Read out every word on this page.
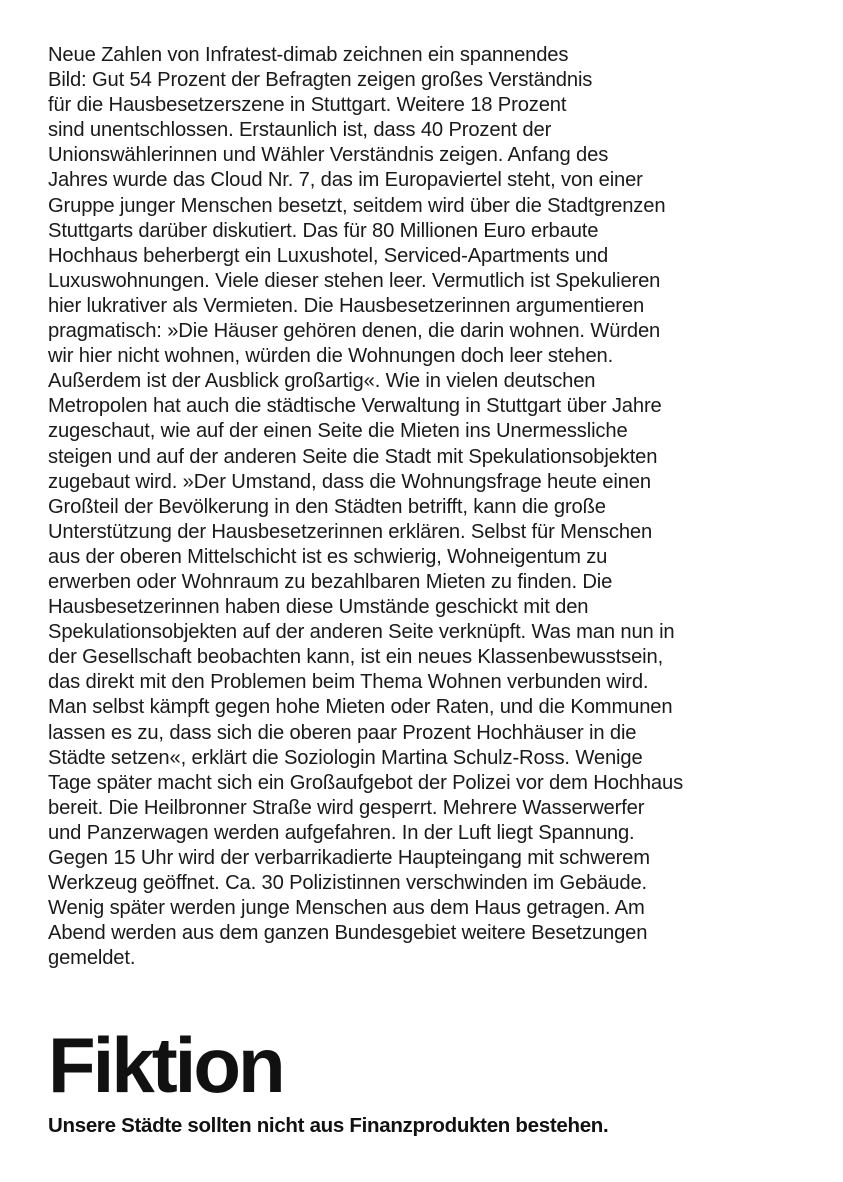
Neue Zahlen von Infratest-dimab zeichnen ein spannendes
Bild: Gut 54 Prozent der Befragten zeigen großes Verständnis
für die Hausbesetzerszene in Stuttgart. Weitere 18 Prozent
sind unentschlossen. Erstaunlich ist, dass 40 Prozent der
Unionswählerinnen und Wähler Verständnis zeigen. Anfang des
Jahres wurde das Cloud Nr. 7, das im Europaviertel steht, von einer
Gruppe junger Menschen besetzt, seitdem wird über die Stadtgrenzen
Stuttgarts darüber diskutiert. Das für 80 Millionen Euro erbaute
Hochhaus beherbergt ein Luxushotel, Serviced-Apartments und
Luxuswohnungen. Viele dieser stehen leer. Vermutlich ist Spekulieren
hier lukrativer als Vermieten. Die Hausbesetzerinnen argumentieren
pragmatisch: »Die Häuser gehören denen, die darin wohnen. Würden
wir hier nicht wohnen, würden die Wohnungen doch leer stehen.
Außerdem ist der Ausblick großartig«. Wie in vielen deutschen
Metropolen hat auch die städtische Verwaltung in Stuttgart über Jahre
zugeschaut, wie auf der einen Seite die Mieten ins Unermessliche
steigen und auf der anderen Seite die Stadt mit Spekulationsobjekten
zugebaut wird. »Der Umstand, dass die Wohnungsfrage heute einen
Großteil der Bevölkerung in den Städten betrifft, kann die große
Unterstützung der Hausbesetzerinnen erklären. Selbst für Menschen
aus der oberen Mittelschicht ist es schwierig, Wohneigentum zu
erwerben oder Wohnraum zu bezahlbaren Mieten zu finden. Die
Hausbesetzerinnen haben diese Umstände geschickt mit den
Spekulationsobjekten auf der anderen Seite verknüpft. Was man nun in
der Gesellschaft beobachten kann, ist ein neues Klassenbewusstsein,
das direkt mit den Problemen beim Thema Wohnen verbunden wird.
Man selbst kämpft gegen hohe Mieten oder Raten, und die Kommunen
lassen es zu, dass sich die oberen paar Prozent Hochhäuser in die
Städte setzen«, erklärt die Soziologin Martina Schulz-Ross. Wenige
Tage später macht sich ein Großaufgebot der Polizei vor dem Hochhaus
bereit. Die Heilbronner Straße wird gesperrt. Mehrere Wasserwerfer
und Panzerwagen werden aufgefahren. In der Luft liegt Spannung.
Gegen 15 Uhr wird der verbarrikadierte Haupteingang mit schwerem
Werkzeug geöffnet. Ca. 30 Polizistinnen verschwinden im Gebäude.
Wenig später werden junge Menschen aus dem Haus getragen. Am
Abend werden aus dem ganzen Bundesgebiet weitere Besetzungen
gemeldet.

Fiktion

Unsere Städte sollten nicht aus Finanzprodukten bestehen.
